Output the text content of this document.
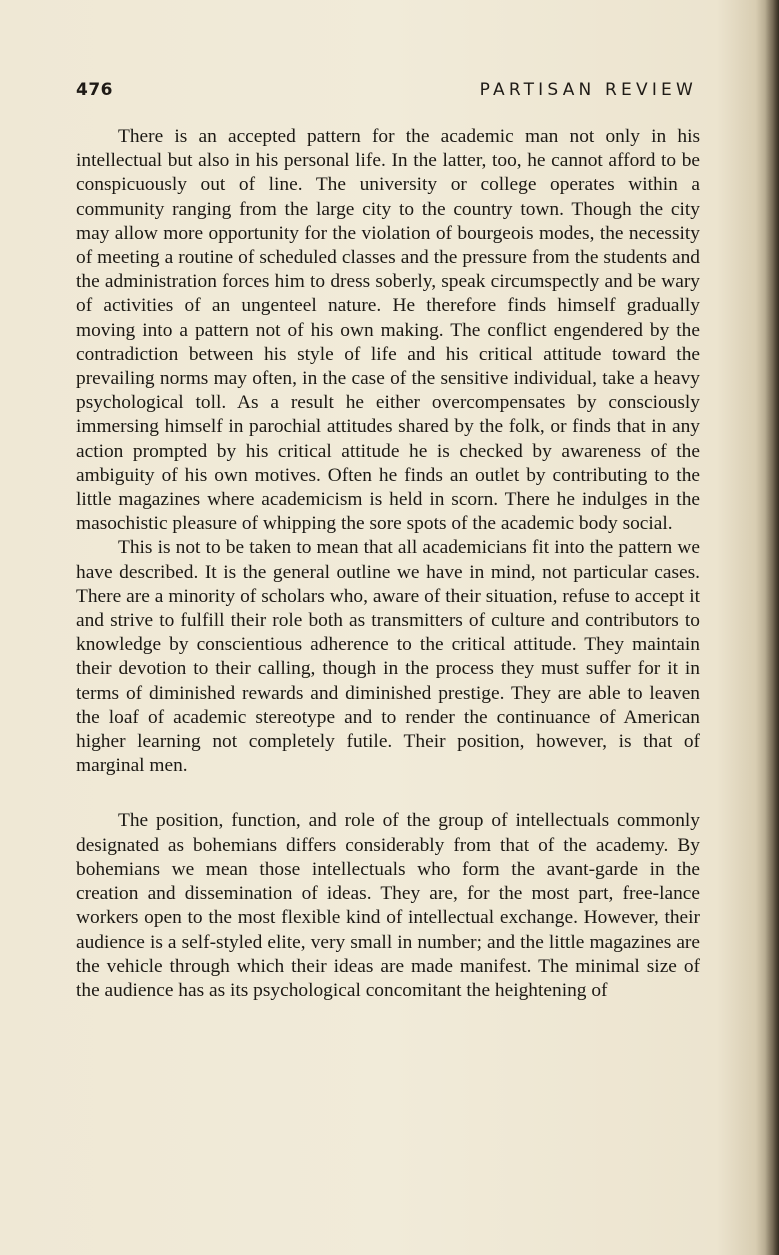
476	PARTISAN REVIEW

There is an accepted pattern for the academic man not only in his intellectual but also in his personal life. In the latter, too, he cannot afford to be conspicuously out of line. The university or college operates within a community ranging from the large city to the country town. Though the city may allow more opportunity for the violation of bourgeois modes, the necessity of meeting a routine of scheduled classes and the pressure from the students and the administration forces him to dress soberly, speak circumspectly and be wary of activities of an ungenteel nature. He therefore finds himself gradually moving into a pattern not of his own making. The conflict engendered by the contradiction between his style of life and his critical attitude toward the prevailing norms may often, in the case of the sensitive individual, take a heavy psychological toll. As a result he either overcompensates by consciously immersing himself in parochial attitudes shared by the folk, or finds that in any action prompted by his critical attitude he is checked by awareness of the ambiguity of his own motives. Often he finds an outlet by contributing to the little magazines where academicism is held in scorn. There he indulges in the masochistic pleasure of whipping the sore spots of the academic body social.

This is not to be taken to mean that all academicians fit into the pattern we have described. It is the general outline we have in mind, not particular cases. There are a minority of scholars who, aware of their situation, refuse to accept it and strive to fulfill their role both as transmitters of culture and contributors to knowledge by conscientious adherence to the critical attitude. They maintain their devotion to their calling, though in the process they must suffer for it in terms of diminished rewards and diminished prestige. They are able to leaven the loaf of academic stereotype and to render the continuance of American higher learning not completely futile. Their position, however, is that of marginal men.

The position, function, and role of the group of intellectuals commonly designated as bohemians differs considerably from that of the academy. By bohemians we mean those intellectuals who form the avant-garde in the creation and dissemination of ideas. They are, for the most part, free-lance workers open to the most flexible kind of intellectual exchange. However, their audience is a self-styled elite, very small in number; and the little magazines are the vehicle through which their ideas are made manifest. The minimal size of the audience has as its psychological concomitant the heightening of
